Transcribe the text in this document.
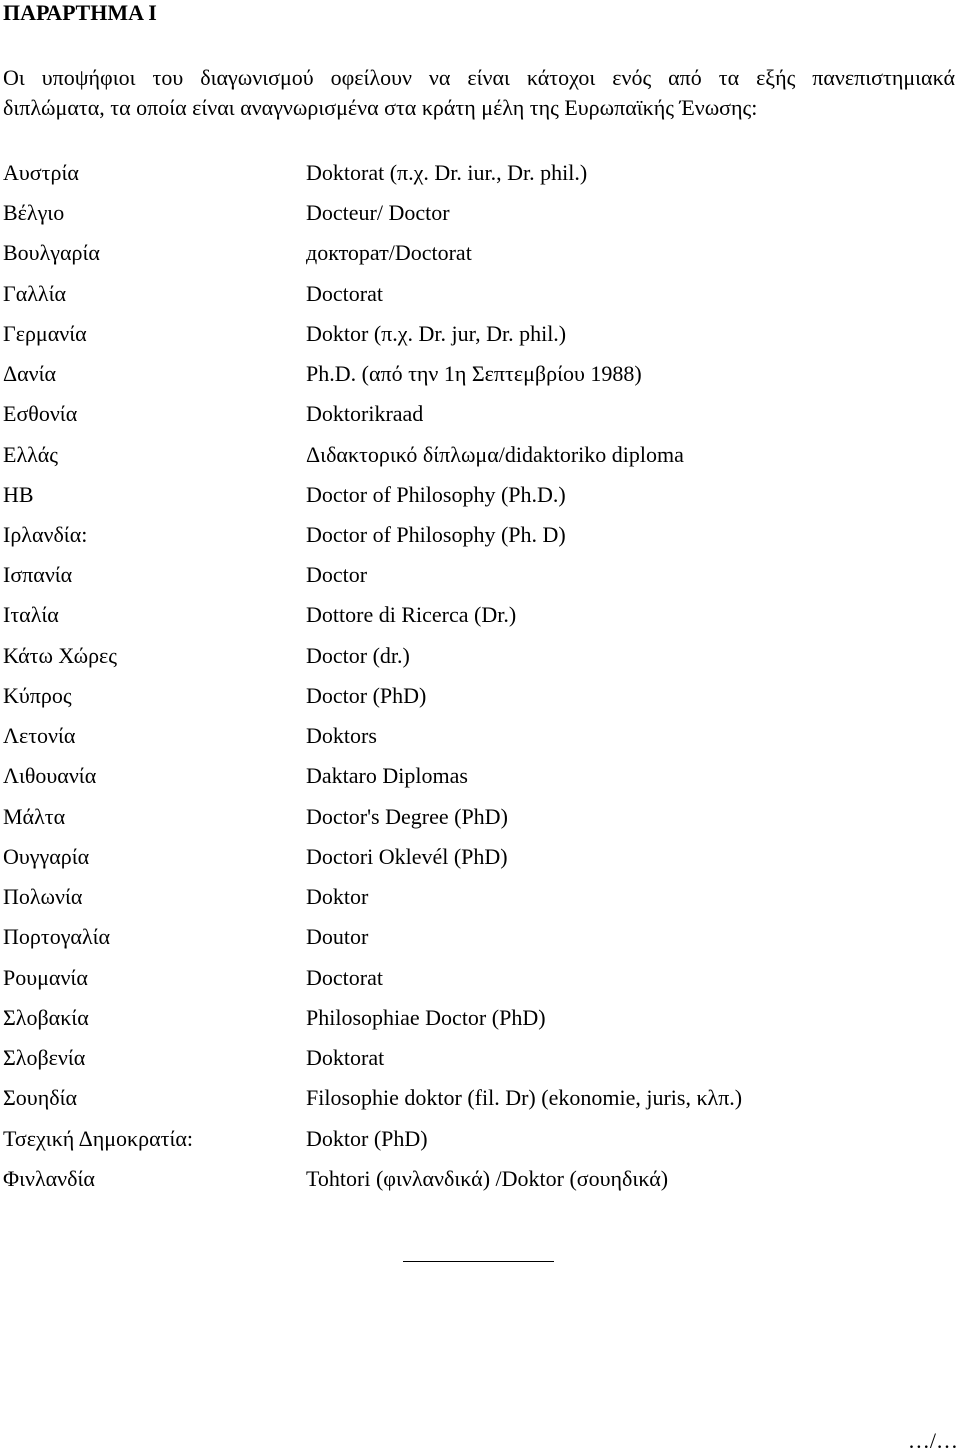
ΠΑΡΑΡΤΗΜΑ Ι
Οι υποψήφιοι του διαγωνισμού οφείλουν να είναι κάτοχοι ενός από τα εξής πανεπιστημιακά
διπλώματα, τα οποία είναι αναγνωρισμένα στα κράτη μέλη της Ευρωπαϊκής Ένωσης:
Αυστρία	Doktorat (π.χ. Dr. iur., Dr. phil.)
Βέλγιο	Docteur/ Doctor
Βουλγαρία	докторат/Doctorat
Γαλλία	Doctorat
Γερμανία	Doktor (π.χ. Dr. jur, Dr. phil.)
Δανία	Ph.D. (από την 1η Σεπτεμβρίου 1988)
Εσθονία	Doktorikraad
Ελλάς	Διδακτορικό δίπλωμα/didaktoriko diploma
ΗΒ	Doctor of Philosophy (Ph.D.)
Ιρλανδία:	Doctor of Philosophy (Ph. D)
Ισπανία	Doctor
Ιταλία	Dottore di Ricerca (Dr.)
Κάτω Χώρες	Doctor (dr.)
Κύπρος	Doctor (PhD)
Λετονία	Doktors
Λιθουανία	Daktaro Diplomas
Μάλτα	Doctor's Degree (PhD)
Ουγγαρία	Doctori Oklevél (PhD)
Πολωνία	Doktor
Πορτογαλία	Doutor
Ρουμανία	Doctorat
Σλοβακία	Philosophiae Doctor (PhD)
Σλοβενία	Doktorat
Σουηδία	Filosophie doktor (fil. Dr) (ekonomie, juris, κλπ.)
Τσεχική Δημοκρατία:	Doktor (PhD)
Φινλανδία	Tohtori (φινλανδικά) /Doktor (σουηδικά)
…/…
